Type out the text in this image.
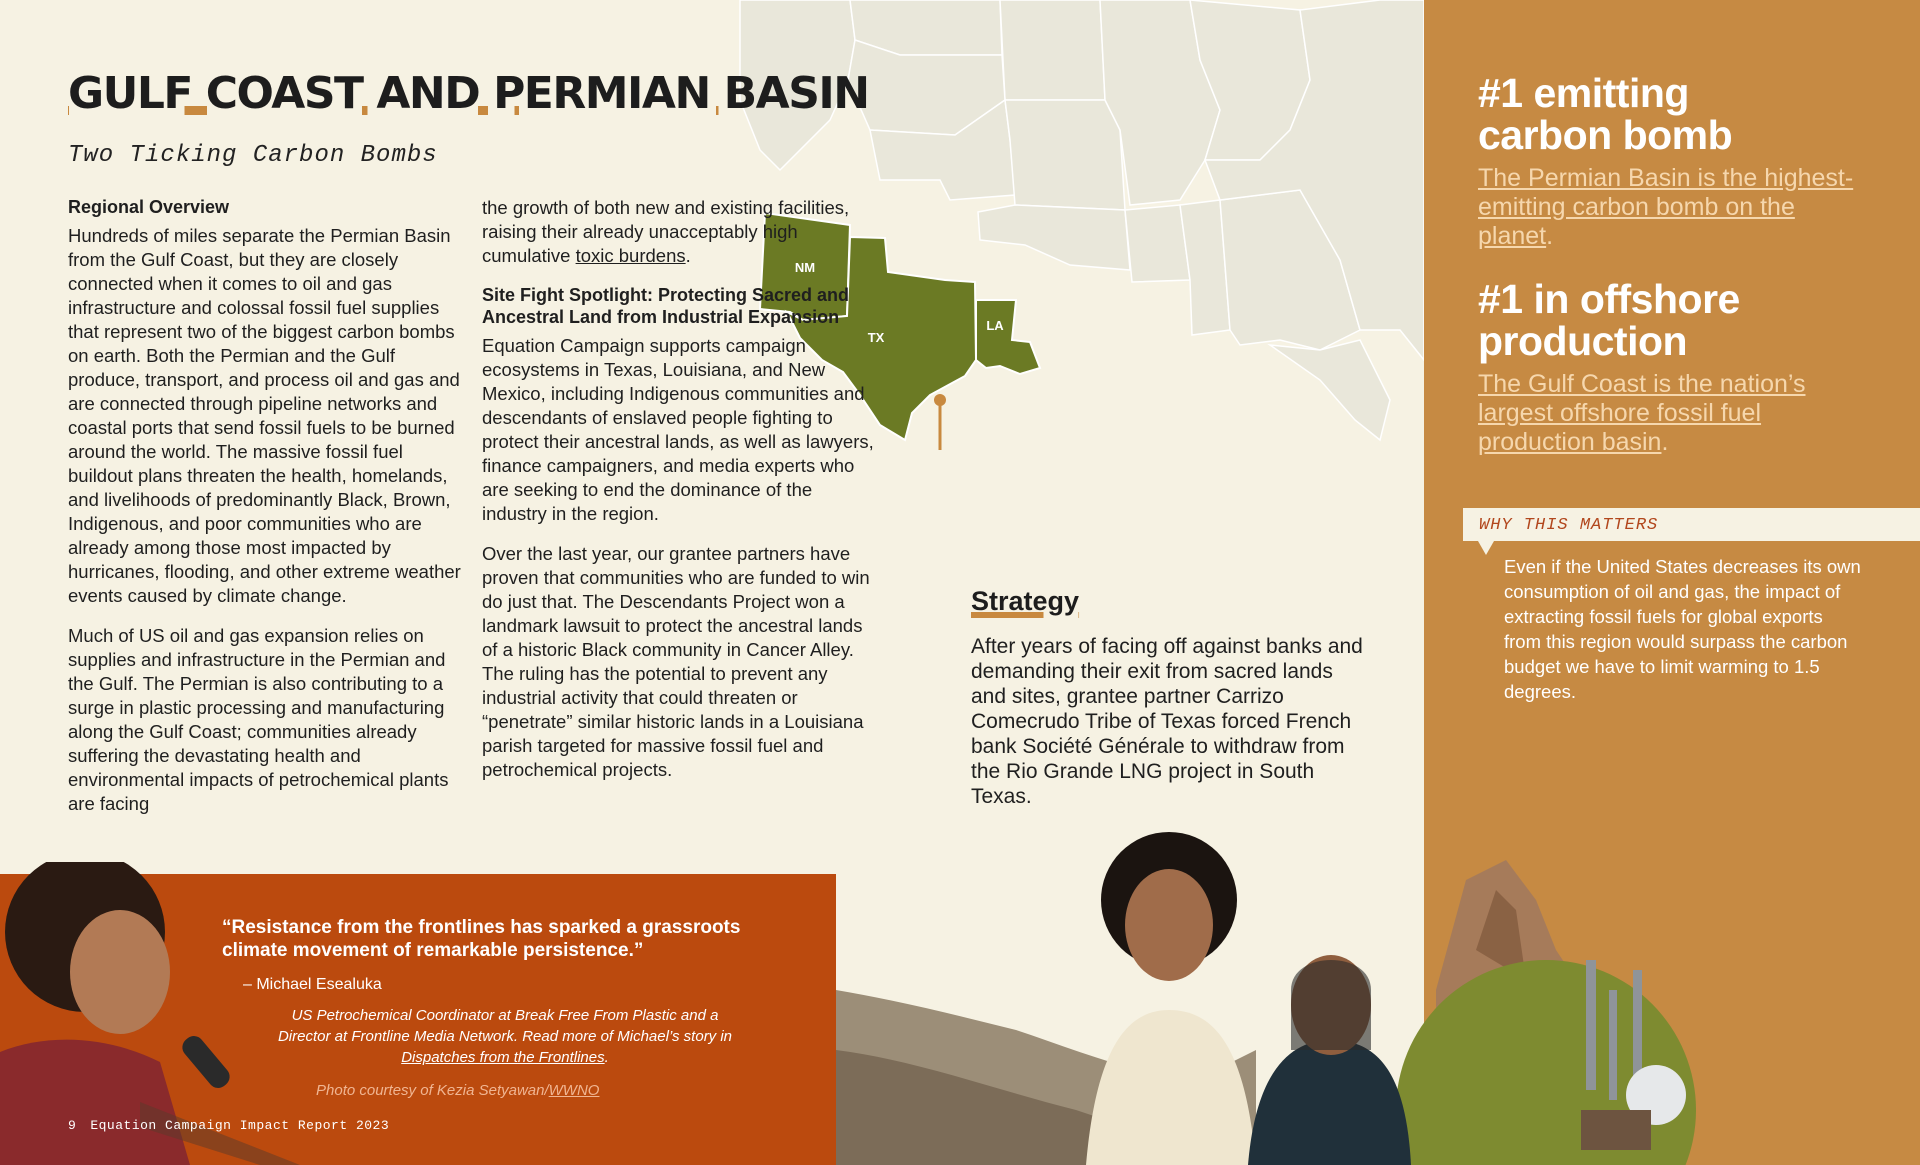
NM
TX
LA
GULF COAST AND PERMIAN BASIN
Two Ticking Carbon Bombs
Regional Overview

Hundreds of miles separate the Permian Basin from the Gulf Coast, but they are closely connected when it comes to oil and gas infrastructure and colossal fossil fuel supplies that represent two of the biggest carbon bombs on earth. Both the Permian and the Gulf produce, transport, and process oil and gas and are connected through pipeline networks and coastal ports that send fossil fuels to be burned around the world. The massive fossil fuel buildout plans threaten the health, homelands, and livelihoods of predominantly Black, Brown, Indigenous, and poor communities who are already among those most impacted by hurricanes, flooding, and other extreme weather events caused by climate change.

Much of US oil and gas expansion relies on supplies and infrastructure in the Permian and the Gulf. The Permian is also contributing to a surge in plastic processing and manufacturing along the Gulf Coast; communities already suffering the devastating health and environmental impacts of petrochemical plants are facing

the growth of both new and existing facilities, raising their already unacceptably high cumulative toxic burdens.

Site Fight Spotlight: Protecting Sacred and Ancestral Land from Industrial Expansion

Equation Campaign supports campaign ecosystems in Texas, Louisiana, and New Mexico, including Indigenous communities and descendants of enslaved people fighting to protect their ancestral lands, as well as lawyers, finance campaigners, and media experts who are seeking to end the dominance of the industry in the region.

Over the last year, our grantee partners have proven that communities who are funded to win do just that. The Descendants Project won a landmark lawsuit to protect the ancestral lands of a historic Black community in Cancer Alley. The ruling has the potential to prevent any industrial activity that could threaten or “penetrate” similar historic lands in a Louisiana parish targeted for massive fossil fuel and petrochemical projects.

Strategy
After years of facing off against banks and demanding their exit from sacred lands and sites, grantee partner Carrizo Comecrudo Tribe of Texas forced French bank Société Générale to withdraw from the Rio Grande LNG project in South Texas.
#1 emitting carbon bomb
The Permian Basin is the highest-emitting carbon bomb on the planet.
#1 in offshore production
The Gulf Coast is the nation’s largest offshore fossil fuel production basin.
WHY THIS MATTERS
Even if the United States decreases its own consumption of oil and gas, the impact of extracting fossil fuels for global exports from this region would surpass the carbon budget we have to limit warming to 1.5 degrees.
“Resistance from the frontlines has sparked a grassroots climate movement of remarkable persistence.”
– Michael Esealuka
US Petrochemical Coordinator at Break Free From Plastic and a Director at Frontline Media Network. Read more of Michael’s story in Dispatches from the Frontlines.
Photo courtesy of Kezia Setyawan/WWNO
9 Equation Campaign Impact Report 2023
